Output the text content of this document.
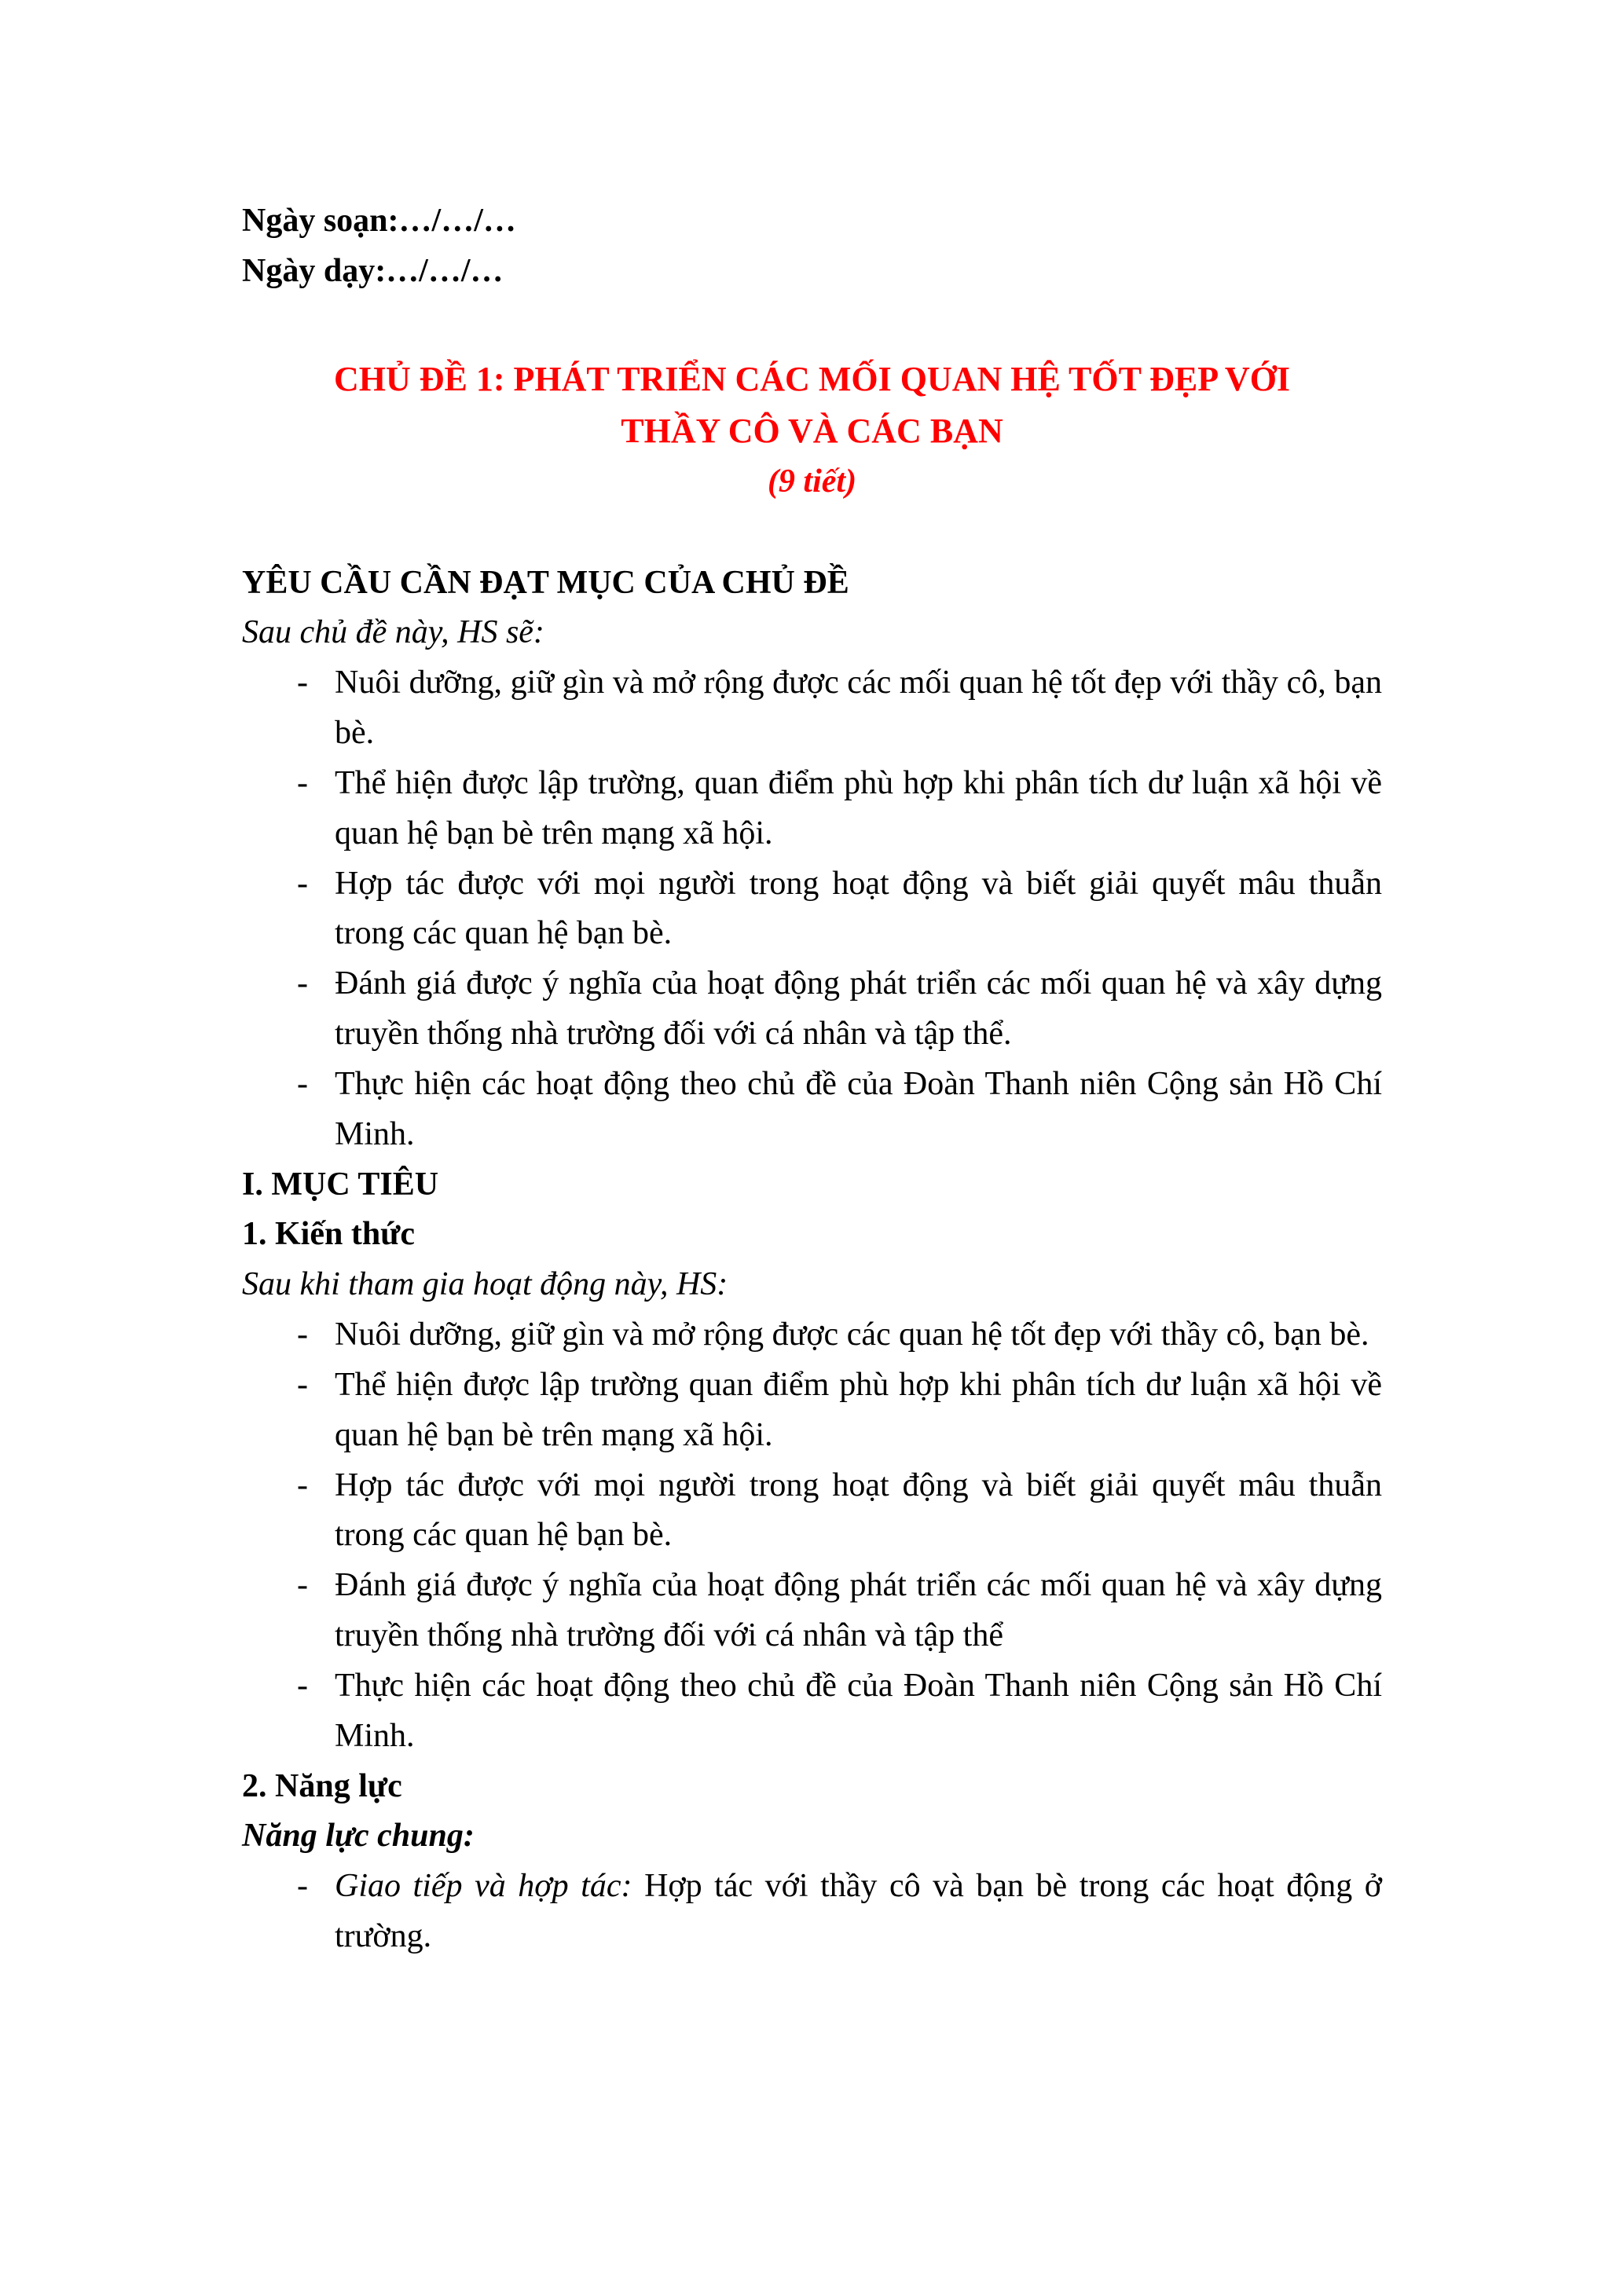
Ngày soạn:…/…/…

Ngày dạy:…/…/…

CHỦ ĐỀ 1: PHÁT TRIỂN CÁC MỐI QUAN HỆ TỐT ĐẸP VỚI
THẦY CÔ VÀ CÁC BẠN

(9 tiết)

YÊU CẦU CẦN ĐẠT MỤC CỦA CHỦ ĐỀ

Sau chủ đề này, HS sẽ:

- Nuôi dưỡng, giữ gìn và mở rộng được các mối quan hệ tốt đẹp với thầy cô, bạn bè.

- Thể hiện được lập trường, quan điểm phù hợp khi phân tích dư luận xã hội về quan hệ bạn bè trên mạng xã hội.

- Hợp tác được với mọi người trong hoạt động và biết giải quyết mâu thuẫn trong các quan hệ bạn bè.

- Đánh giá được ý nghĩa của hoạt động phát triển các mối quan hệ và xây dựng truyền thống nhà trường đối với cá nhân và tập thể.

- Thực hiện các hoạt động theo chủ đề của Đoàn Thanh niên Cộng sản Hồ Chí Minh.

I. MỤC TIÊU

1. Kiến thức

Sau khi tham gia hoạt động này, HS:

- Nuôi dưỡng, giữ gìn và mở rộng được các quan hệ tốt đẹp với thầy cô, bạn bè.

- Thể hiện được lập trường quan điểm phù hợp khi phân tích dư luận xã hội về quan hệ bạn bè trên mạng xã hội.

- Hợp tác được với mọi người trong hoạt động và biết giải quyết mâu thuẫn trong các quan hệ bạn bè.

- Đánh giá được ý nghĩa của hoạt động phát triển các mối quan hệ và xây dựng truyền thống nhà trường đối với cá nhân và tập thể

- Thực hiện các hoạt động theo chủ đề của Đoàn Thanh niên Cộng sản Hồ Chí Minh.

2. Năng lực

Năng lực chung:

- Giao tiếp và hợp tác: Hợp tác với thầy cô và bạn bè trong các hoạt động ở trường.
